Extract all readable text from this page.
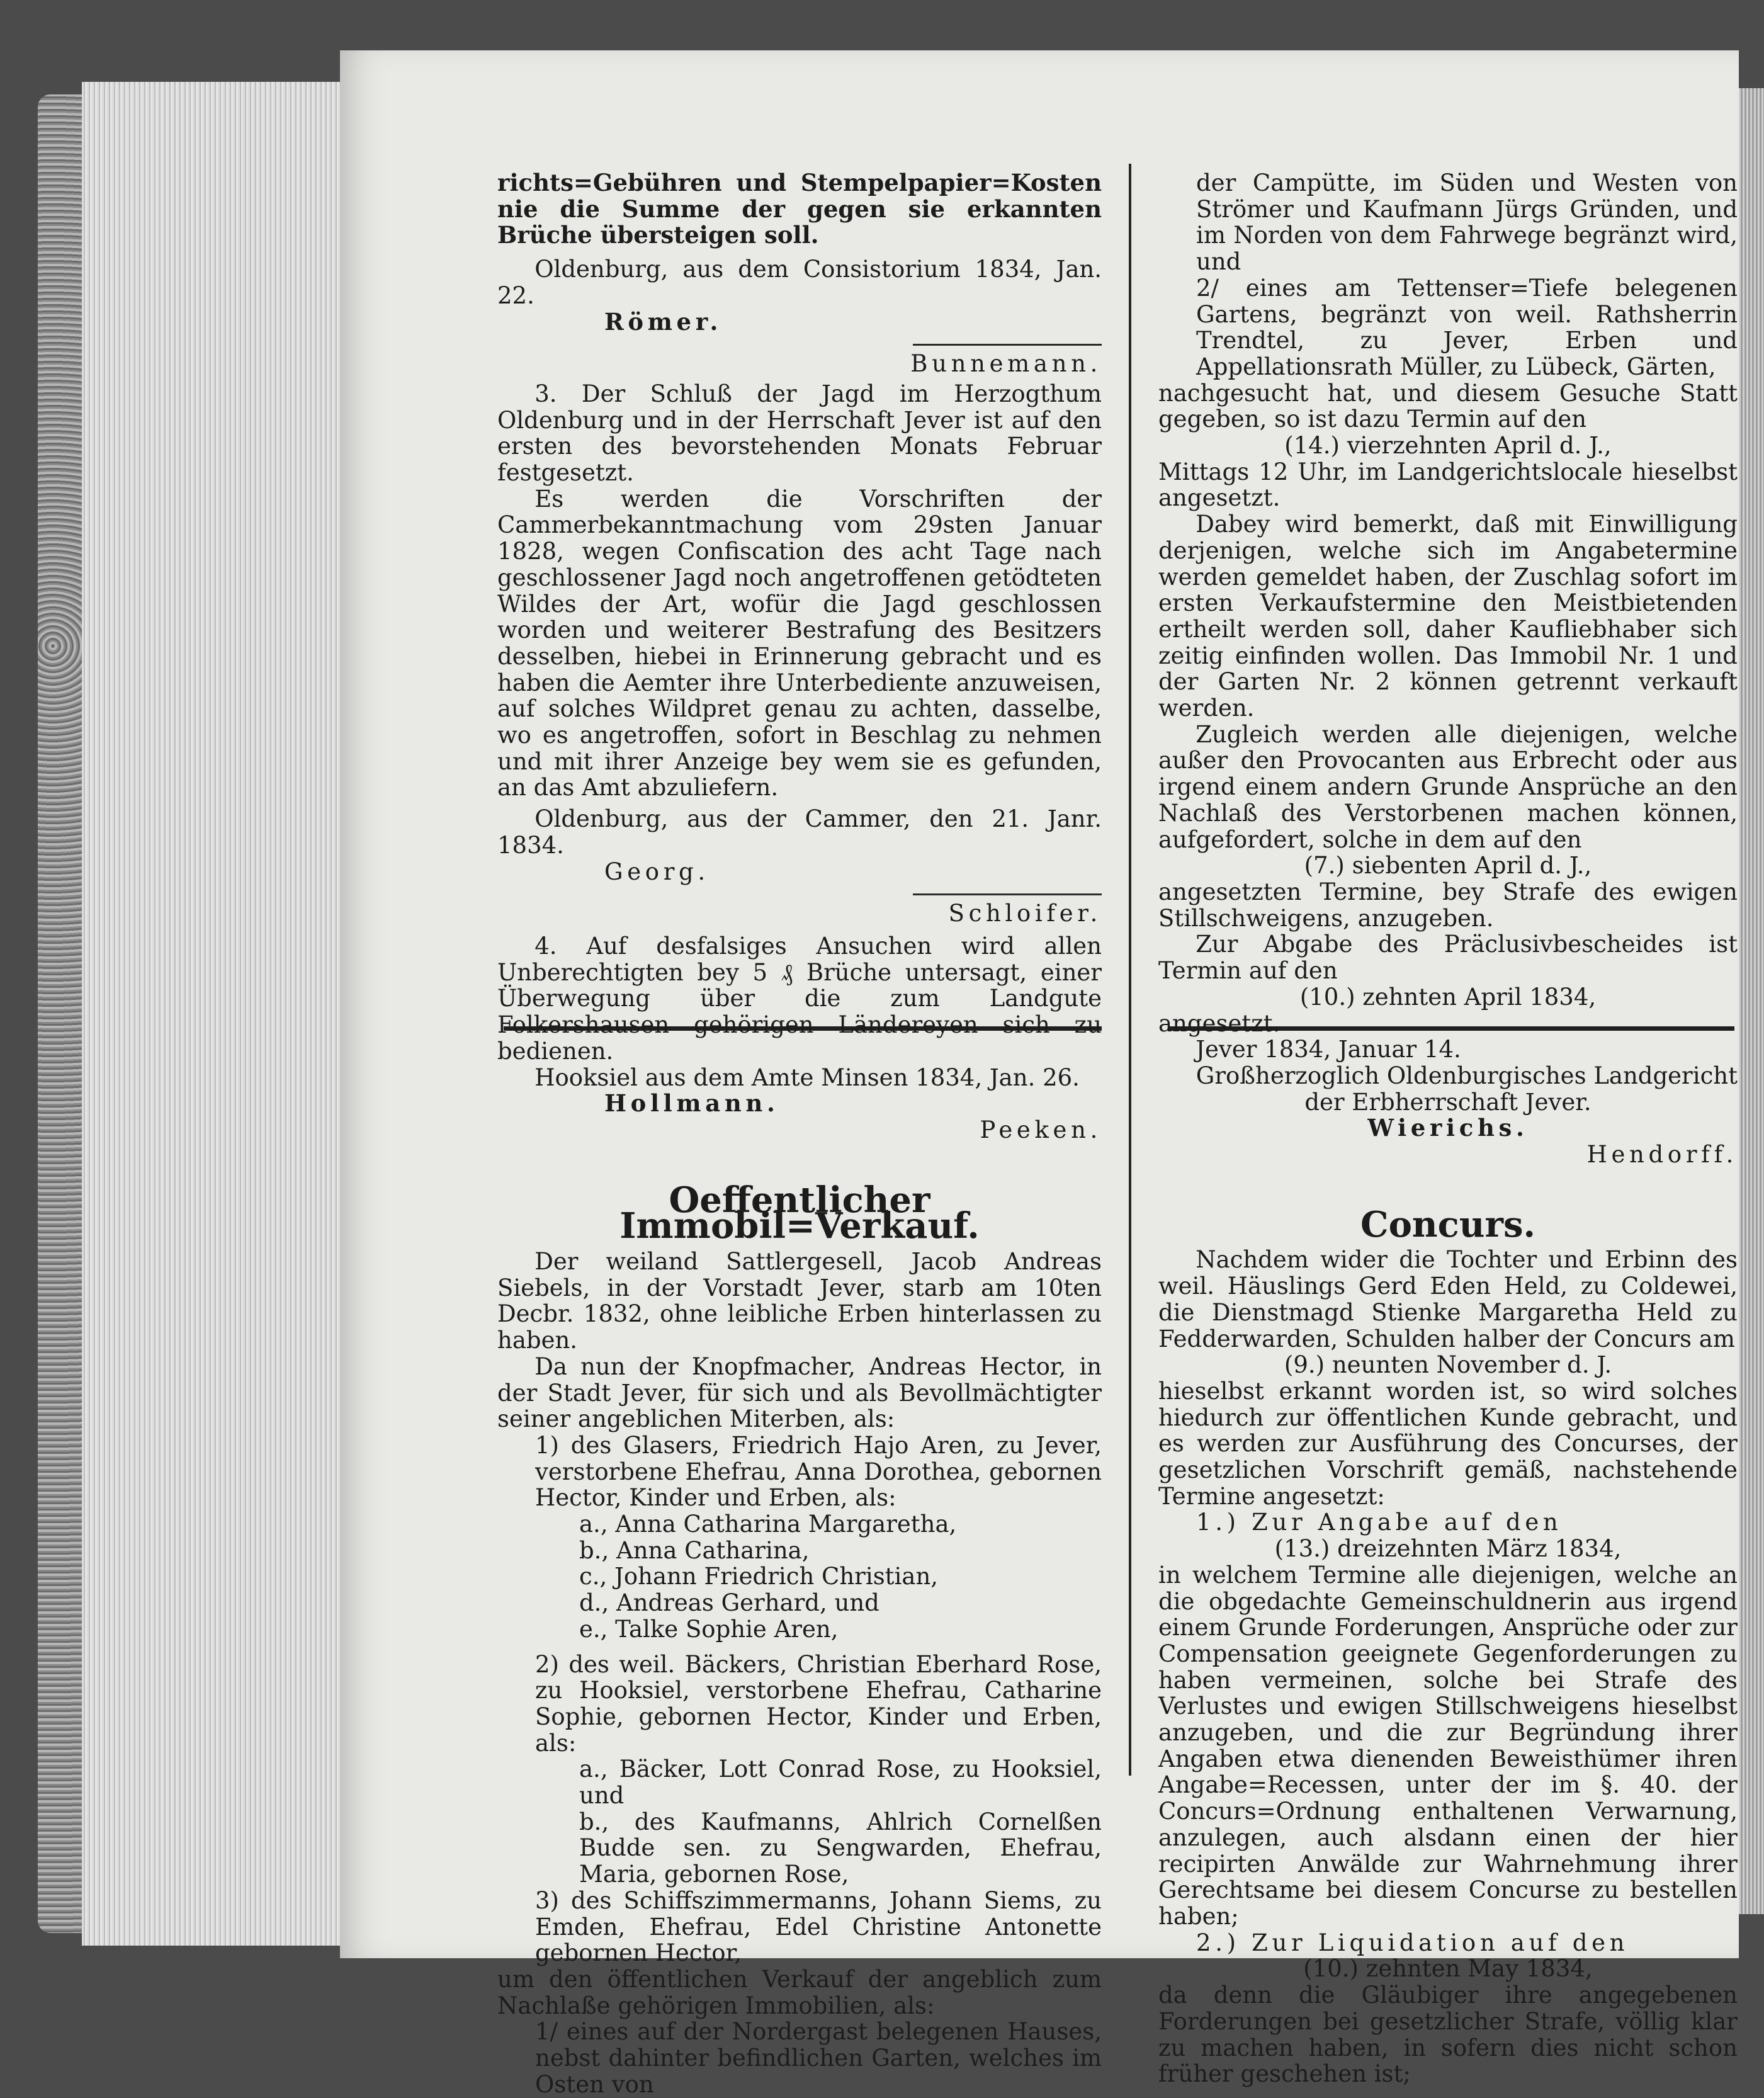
richts=Gebühren und Stempelpapier=Kosten nie die Summe der gegen sie erkannten Brüche übersteigen soll.

Oldenburg, aus dem Consistorium 1834, Jan. 22.

Römer.

Bunnemann.

3. Der Schluß der Jagd im Herzogthum Oldenburg und in der Herrschaft Jever ist auf den ersten des bevorstehenden Monats Februar festgesetzt.

Es werden die Vorschriften der Cammerbekanntmachung vom 29sten Januar 1828, wegen Confiscation des acht Tage nach geschlossener Jagd noch angetroffenen getödteten Wildes der Art, wofür die Jagd geschlossen worden und weiterer Bestrafung des Besitzers desselben, hiebei in Erinnerung gebracht und es haben die Aemter ihre Unterbediente anzuweisen, auf solches Wildpret genau zu achten, dasselbe, wo es angetroffen, sofort in Beschlag zu nehmen und mit ihrer Anzeige bey wem sie es gefunden, an das Amt abzuliefern.

Oldenburg, aus der Cammer, den 21. Janr. 1834.

Georg.

Schloifer.

4. Auf desfalsiges Ansuchen wird allen Unberechtigten bey 5 ₰ Brüche untersagt, einer Überwegung über die zum Landgute Folkershausen gehörigen Ländereyen sich zu bedienen.

Hooksiel aus dem Amte Minsen 1834, Jan. 26.

Hollmann.

Peeken.

Oeffentlicher Immobil=Verkauf.

Der weiland Sattlergesell, Jacob Andreas Siebels, in der Vorstadt Jever, starb am 10ten Decbr. 1832, ohne leibliche Erben hinterlassen zu haben.

Da nun der Knopfmacher, Andreas Hector, in der Stadt Jever, für sich und als Bevollmächtigter seiner angeblichen Miterben, als:

1) des Glasers, Friedrich Hajo Aren, zu Jever, verstorbene Ehefrau, Anna Dorothea, gebornen Hector, Kinder und Erben, als:

a., Anna Catharina Margaretha,

b., Anna Catharina,

c., Johann Friedrich Christian,

d., Andreas Gerhard, und

e., Talke Sophie Aren,

2) des weil. Bäckers, Christian Eberhard Rose, zu Hooksiel, verstorbene Ehefrau, Catharine Sophie, gebornen Hector, Kinder und Erben, als:

a., Bäcker, Lott Conrad Rose, zu Hooksiel, und

b., des Kaufmanns, Ahlrich Cornelßen Budde sen. zu Sengwarden, Ehefrau, Maria, gebornen Rose,

3) des Schiffszimmermanns, Johann Siems, zu Emden, Ehefrau, Edel Christine Antonette gebornen Hector,

um den öffentlichen Verkauf der angeblich zum Nachlaße gehörigen Immobilien, als:

1/ eines auf der Nordergast belegenen Hauses, nebst dahinter befindlichen Garten, welches im Osten von

der Campütte, im Süden und Westen von Strömer und Kaufmann Jürgs Gründen, und im Norden von dem Fahrwege begränzt wird, und

2/ eines am Tettenser=Tiefe belegenen Gartens, begränzt von weil. Rathsherrin Trendtel, zu Jever, Erben und Appellationsrath Müller, zu Lübeck, Gärten,

nachgesucht hat, und diesem Gesuche Statt gegeben, so ist dazu Termin auf den

(14.) vierzehnten April d. J.,

Mittags 12 Uhr, im Landgerichtslocale hieselbst angesetzt.

Dabey wird bemerkt, daß mit Einwilligung derjenigen, welche sich im Angabetermine werden gemeldet haben, der Zuschlag sofort im ersten Verkaufstermine den Meistbietenden ertheilt werden soll, daher Kaufliebhaber sich zeitig einfinden wollen. Das Immobil Nr. 1 und der Garten Nr. 2 können getrennt verkauft werden.

Zugleich werden alle diejenigen, welche außer den Provocanten aus Erbrecht oder aus irgend einem andern Grunde Ansprüche an den Nachlaß des Verstorbenen machen können, aufgefordert, solche in dem auf den

(7.) siebenten April d. J.,

angesetzten Termine, bey Strafe des ewigen Stillschweigens, anzugeben.

Zur Abgabe des Präclusivbescheides ist Termin auf den

(10.) zehnten April 1834,

angesetzt.

Jever 1834, Januar 14.

Großherzoglich Oldenburgisches Landgericht

der Erbherrschaft Jever.

Wierichs.

Hendorff.

Concurs.

Nachdem wider die Tochter und Erbinn des weil. Häuslings Gerd Eden Held, zu Coldewei, die Dienstmagd Stienke Margaretha Held zu Fedderwarden, Schulden halber der Concurs am

(9.) neunten November d. J.

hieselbst erkannt worden ist, so wird solches hiedurch zur öffentlichen Kunde gebracht, und es werden zur Ausführung des Concurses, der gesetzlichen Vorschrift gemäß, nachstehende Termine angesetzt:

1.) Zur Angabe auf den

(13.) dreizehnten März 1834,

in welchem Termine alle diejenigen, welche an die obgedachte Gemeinschuldnerin aus irgend einem Grunde Forderungen, Ansprüche oder zur Compensation geeignete Gegenforderungen zu haben vermeinen, solche bei Strafe des Verlustes und ewigen Stillschweigens hieselbst anzugeben, und die zur Begründung ihrer Angaben etwa dienenden Beweisthümer ihren Angabe=Recessen, unter der im §. 40. der Concurs=Ordnung enthaltenen Verwarnung, anzulegen, auch alsdann einen der hier recipirten Anwälde zur Wahrnehmung ihrer Gerechtsame bei diesem Concurse zu bestellen haben;

2.) Zur Liquidation auf den

(10.) zehnten May 1834,

da denn die Gläubiger ihre angegebenen Forderungen bei gesetzlicher Strafe, völlig klar zu machen haben, in sofern dies nicht schon früher geschehen ist;
